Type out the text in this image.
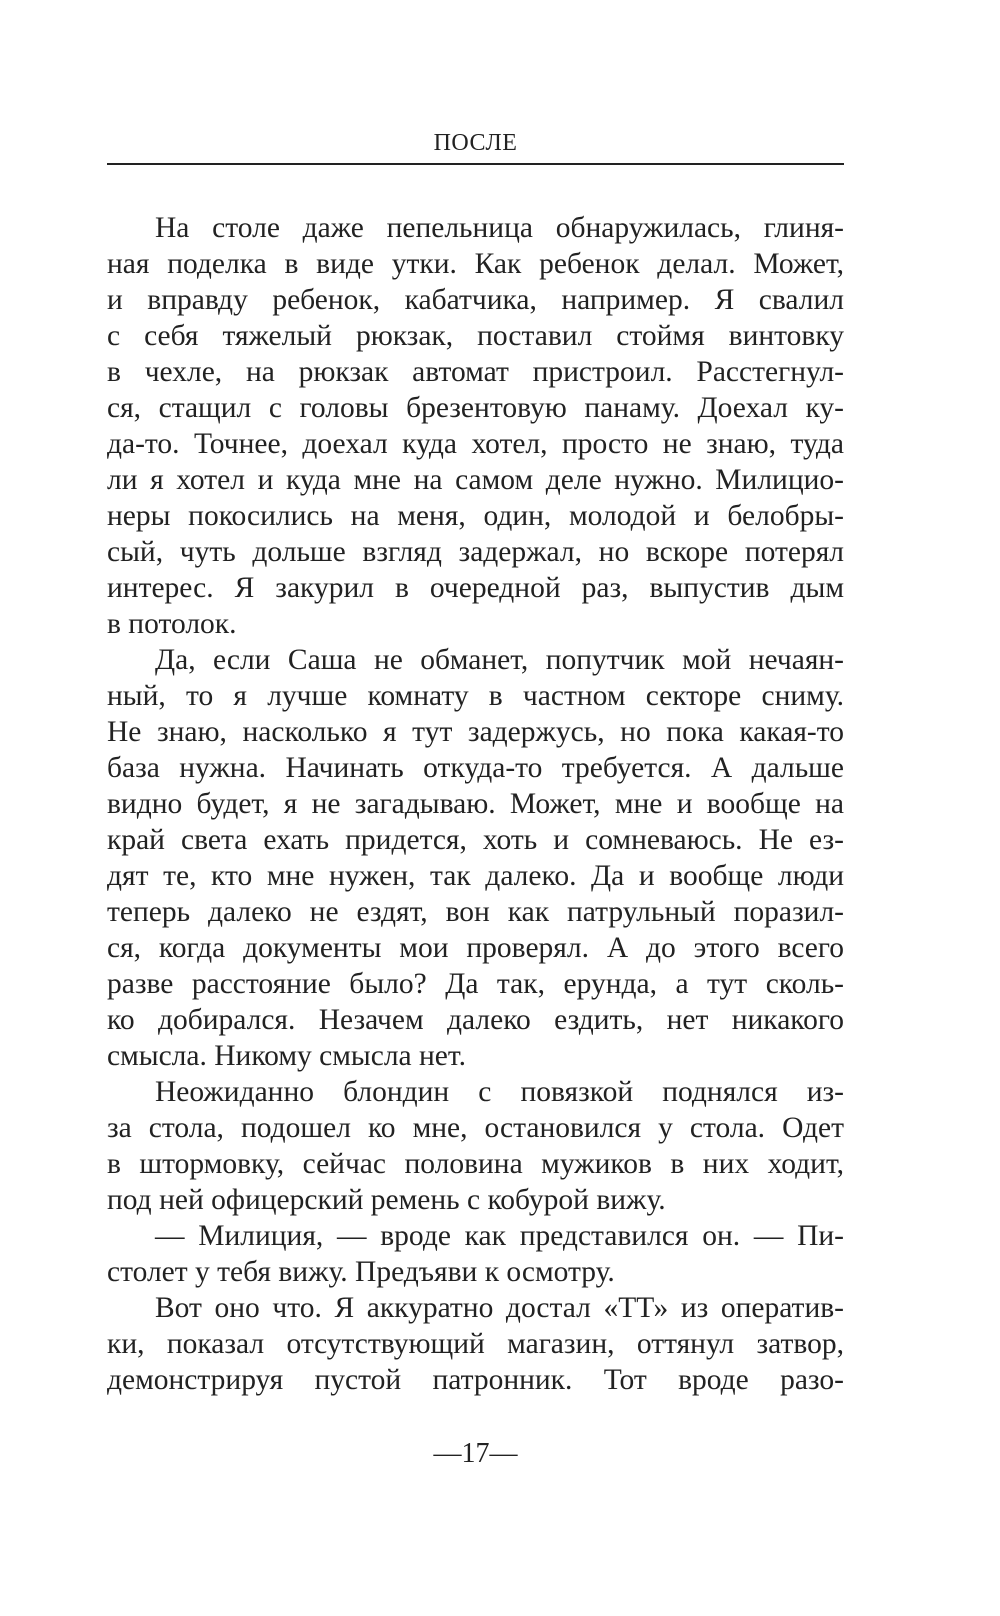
ПОСЛЕ
На столе даже пепельница обнаружилась, глиня-
ная поделка в виде утки. Как ребенок делал. Может,
и вправду ребенок, кабатчика, например. Я свалил
с себя тяжелый рюкзак, поставил стоймя винтовку
в чехле, на рюкзак автомат пристроил. Расстегнул-
ся, стащил с головы брезентовую панаму. Доехал ку-
да-то. Точнее, доехал куда хотел, просто не знаю, туда
ли я хотел и куда мне на самом деле нужно. Милицио-
неры покосились на меня, один, молодой и белобры-
сый, чуть дольше взгляд задержал, но вскоре потерял
интерес. Я закурил в очередной раз, выпустив дым
в потолок.
Да, если Саша не обманет, попутчик мой нечаян-
ный, то я лучше комнату в частном секторе сниму.
Не знаю, насколько я тут задержусь, но пока какая-то
база нужна. Начинать откуда-то требуется. А дальше
видно будет, я не загадываю. Может, мне и вообще на
край света ехать придется, хоть и сомневаюсь. Не ез-
дят те, кто мне нужен, так далеко. Да и вообще люди
теперь далеко не ездят, вон как патрульный поразил-
ся, когда документы мои проверял. А до этого всего
разве расстояние было? Да так, ерунда, а тут сколь-
ко добирался. Незачем далеко ездить, нет никакого
смысла. Никому смысла нет.
Неожиданно блондин с повязкой поднялся из-
за стола, подошел ко мне, остановился у стола. Одет
в штормовку, сейчас половина мужиков в них ходит,
под ней офицерский ремень с кобурой вижу.
— Милиция, — вроде как представился он. — Пи-
столет у тебя вижу. Предъяви к осмотру.
Вот оно что. Я аккуратно достал «ТТ» из оператив-
ки, показал отсутствующий магазин, оттянул затвор,
демонстрируя пустой патронник. Тот вроде разо-
—17—
